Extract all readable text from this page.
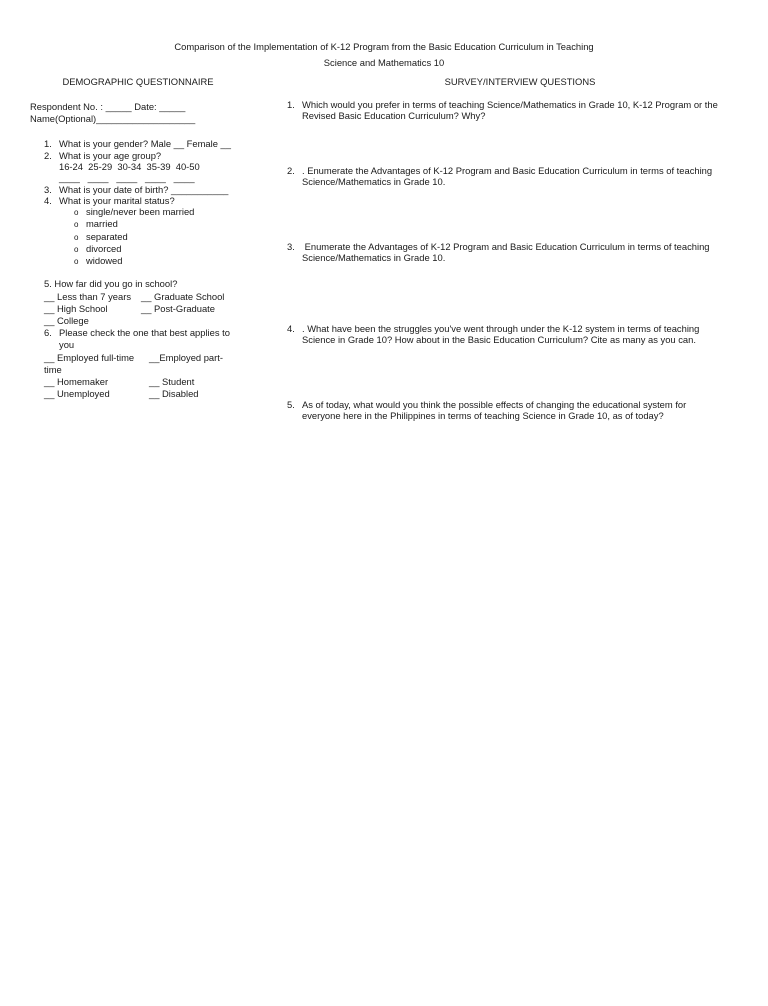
Comparison of the Implementation of K-12 Program from the Basic Education Curriculum in Teaching
Science and Mathematics 10
DEMOGRAPHIC QUESTIONNAIRE
Respondent No. : _____ Date: _____
Name(Optional)___________________
1. What is your gender? Male __ Female __
2. What is your age group?
16-24  25-29  30-34  35-39  40-50
____   ____   ____   ____   ____
3. What is your date of birth? ___________
4. What is your marital status?
o single/never been married
o married
o separated
o divorced
o widowed
5. How far did you go in school?
__ Less than 7 years __ Graduate School
__ High School	__ Post-Graduate
__ College
6. Please check the one that best applies to
you
__ Employed full-time __Employed part-
time
__ Homemaker	__ Student
__ Unemployed	__ Disabled
SURVEY/INTERVIEW QUESTIONS
1. Which would you prefer in terms of teaching Science/Mathematics in Grade 10, K-12 Program or the
Revised Basic Education Curriculum? Why?
2. . Enumerate the Advantages of K-12 Program and Basic Education Curriculum in terms of teaching
Science/Mathematics in Grade 10.
3. Enumerate the Advantages of K-12 Program and Basic Education Curriculum in terms of teaching
Science/Mathematics in Grade 10.
4. . What have been the struggles you've went through under the K-12 system in terms of teaching
Science in Grade 10? How about in the Basic Education Curriculum? Cite as many as you can.
5. As of today, what would you think the possible effects of changing the educational system for
everyone here in the Philippines in terms of teaching Science in Grade 10, as of today?
